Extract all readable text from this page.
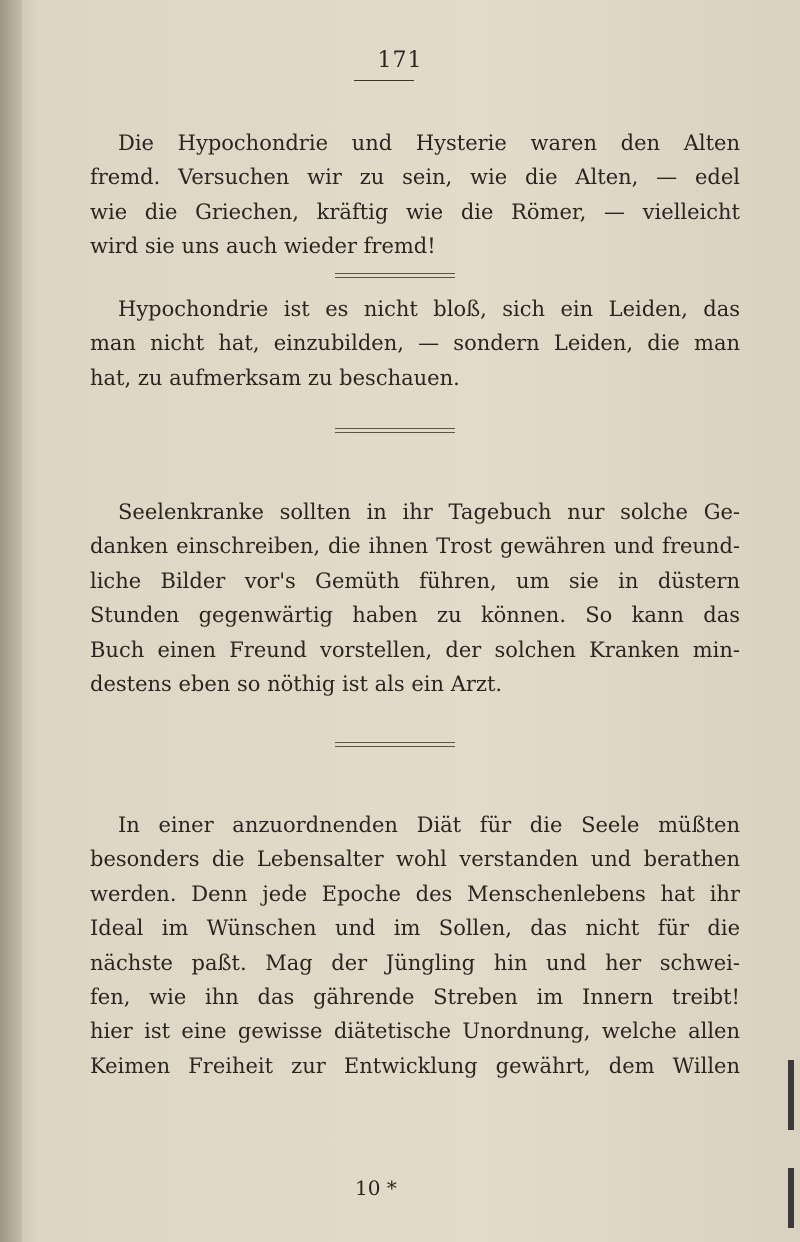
171
Die Hypochondrie und Hysterie waren den Alten
fremd. Versuchen wir zu sein, wie die Alten, — edel
wie die Griechen, kräftig wie die Römer, — vielleicht
wird sie uns auch wieder fremd!
Hypochondrie ist es nicht bloß, sich ein Leiden, das
man nicht hat, einzubilden, — sondern Leiden, die man
hat, zu aufmerksam zu beschauen.
Seelenkranke sollten in ihr Tagebuch nur solche Ge-
danken einschreiben, die ihnen Trost gewähren und freund-
liche Bilder vor's Gemüth führen, um sie in düstern
Stunden gegenwärtig haben zu können. So kann das
Buch einen Freund vorstellen, der solchen Kranken min-
destens eben so nöthig ist als ein Arzt.
In einer anzuordnenden Diät für die Seele müßten
besonders die Lebensalter wohl verstanden und berathen
werden. Denn jede Epoche des Menschenlebens hat ihr
Ideal im Wünschen und im Sollen, das nicht für die
nächste paßt. Mag der Jüngling hin und her schwei-
fen, wie ihn das gährende Streben im Innern treibt!
hier ist eine gewisse diätetische Unordnung, welche allen
Keimen Freiheit zur Entwicklung gewährt, dem Willen
10 *
